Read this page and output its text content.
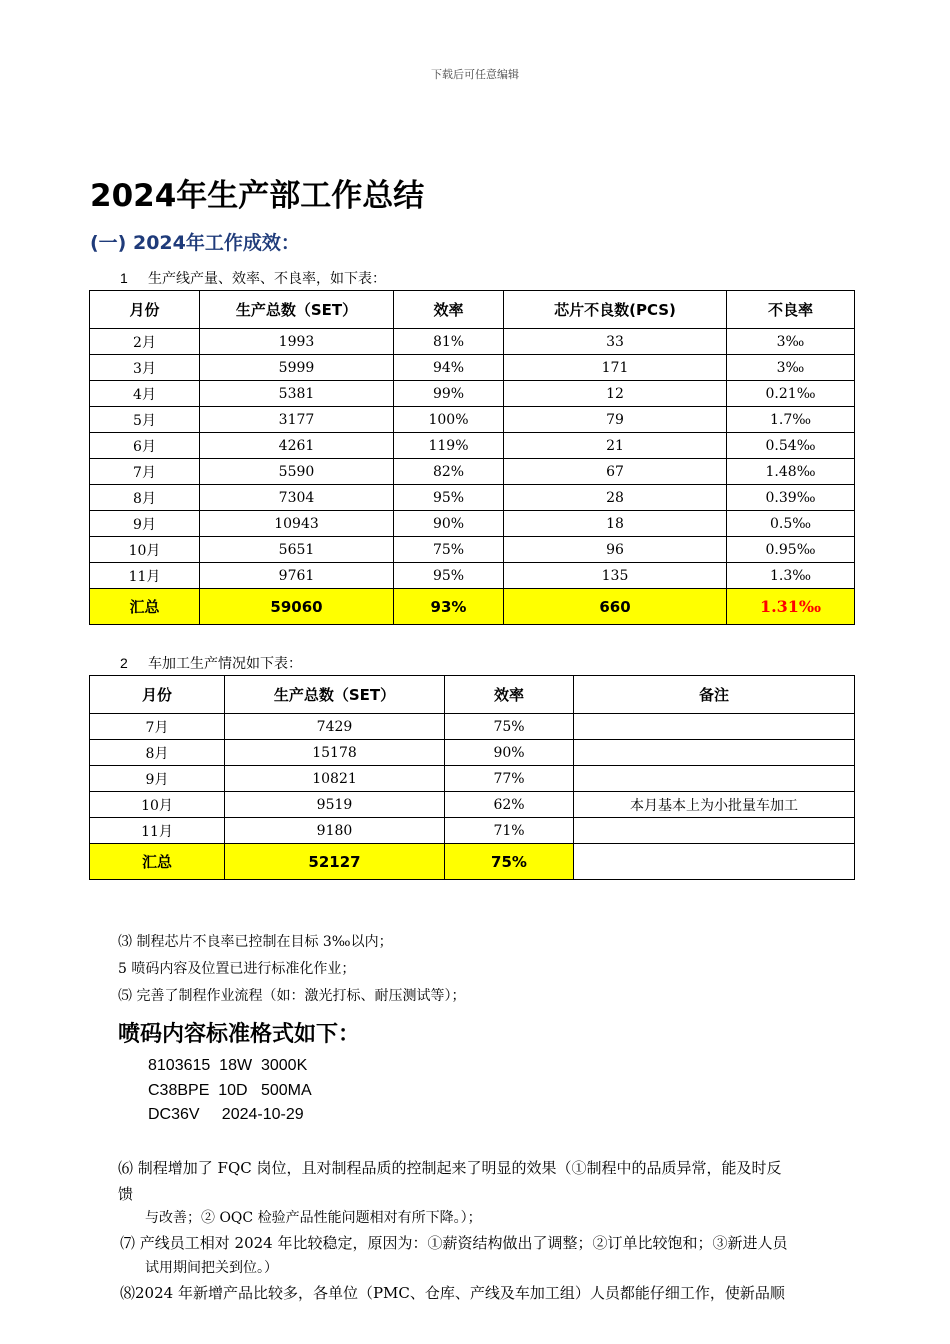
下载后可任意编辑
2024年生产部工作总结
(一) 2024年工作成效：
1 生产线产量、效率、不良率，如下表：
月份	生产总数（SET）	效率	芯片不良数(PCS)	不良率
2月	1993	81%	33	3‰
3月	5999	94%	171	3‰
4月	5381	99%	12	0.21‰
5月	3177	100%	79	1.7‰
6月	4261	119%	21	0.54‰
7月	5590	82%	67	1.48‰
8月	7304	95%	28	0.39‰
9月	10943	90%	18	0.5‰
10月	5651	75%	96	0.95‰
11月	9761	95%	135	1.3‰
汇总	59060	93%	660	1.31‰
2 车加工生产情况如下表：
月份	生产总数（SET）	效率	备注
7月	7429	75%	
8月	15178	90%	
9月	10821	77%	
10月	9519	62%	本月基本上为小批量车加工
11月	9180	71%	
汇总	52127	75%	
⑶ 制程芯片不良率已控制在目标 3‰以内；
5 喷码内容及位置已进行标准化作业；
⑸ 完善了制程作业流程（如：激光打标、耐压测试等）；
喷码内容标准格式如下：
8103615  18W  3000K
C38BPE  10D   500MA
DC36V     2024-10-29
⑹ 制程增加了 FQC 岗位，且对制程品质的控制起来了明显的效果（①制程中的品质异常，能及时反
馈
与改善；② OQC 检验产品性能问题相对有所下降。）；
⑺ 产线员工相对 2024 年比较稳定，原因为：①薪资结构做出了调整；②订单比较饱和；③新进人员
试用期间把关到位。）
⑻2024 年新增产品比较多，各单位（PMC、仓库、产线及车加工组）人员都能仔细工作，使新品顺
